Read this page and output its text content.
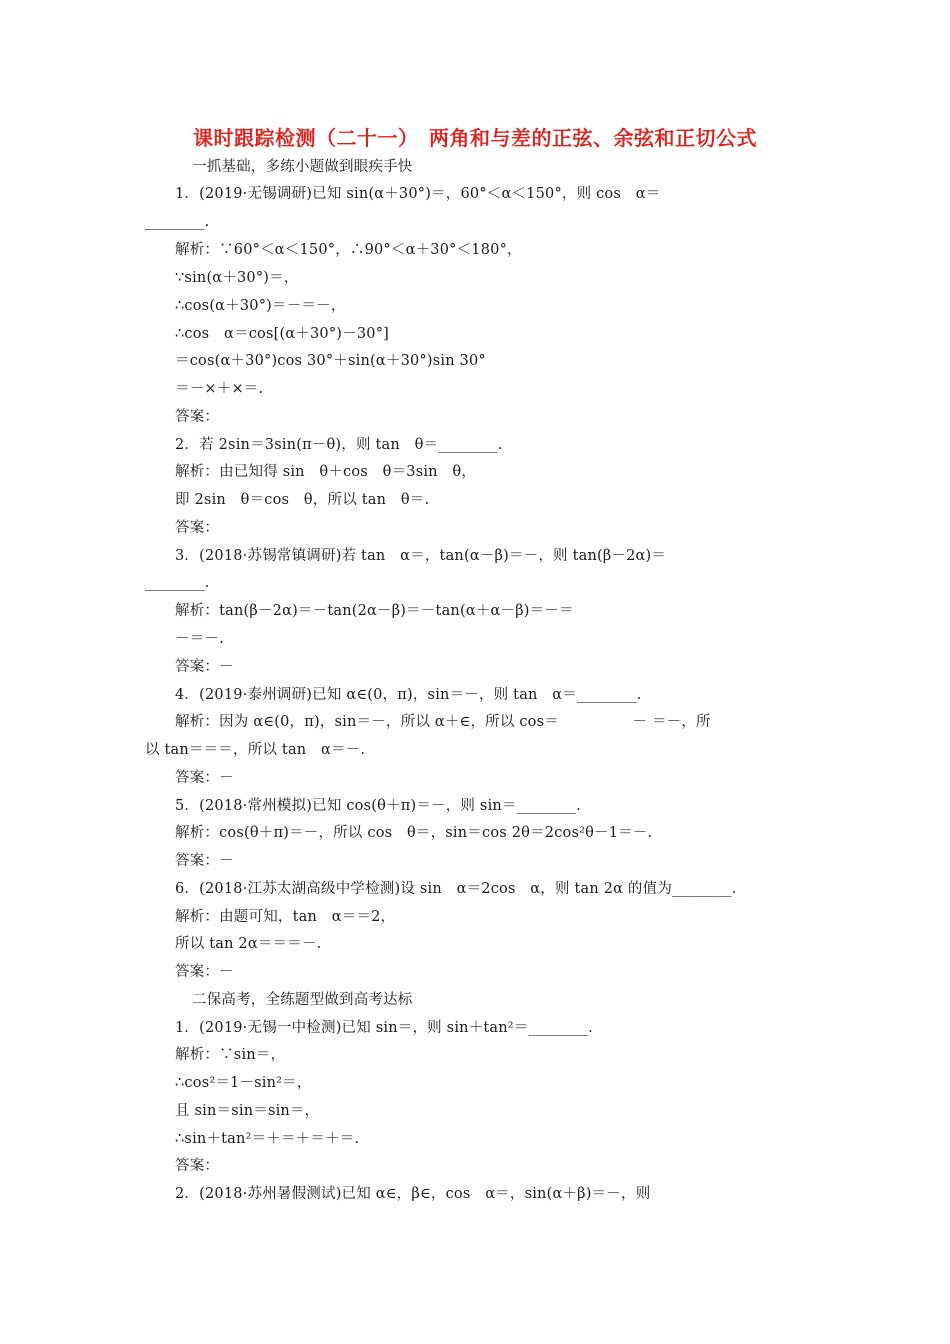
课时跟踪检测（二十一）　两角和与差的正弦、余弦和正切公式
一抓基础，多练小题做到眼疾手快
1．(2019·无锡调研)已知 sin(α＋30°)＝，60°＜α＜150°，则 cos　α＝
________.
解析：∵60°＜α＜150°，∴90°＜α＋30°＜180°，
∵sin(α＋30°)＝，
∴cos(α＋30°)＝－＝－，
∴cos　α＝cos[(α＋30°)－30°]
＝cos(α＋30°)cos 30°＋sin(α＋30°)sin 30°
＝－×＋×＝.
答案：
2．若 2sin＝3sin(π－θ)，则 tan　θ＝________.
解析：由已知得 sin　θ＋cos　θ＝3sin　θ，
即 2sin　θ＝cos　θ，所以 tan　θ＝.
答案：
3．(2018·苏锡常镇调研)若 tan　α＝，tan(α－β)＝－，则 tan(β－2α)＝
________.
解析：tan(β－2α)＝－tan(2α－β)＝－tan(α＋α－β)＝－＝
－＝－.
答案：－
4．(2019·泰州调研)已知 α∈(0，π)，sin＝－，则 tan　α＝________.
解析：因为 α∈(0，π)，sin＝－，所以 α＋∈，所以 cos＝　　　　　－ ＝－，所
以 tan＝＝＝，所以 tan　α＝－.
答案：－
5．(2018·常州模拟)已知 cos(θ＋π)＝－，则 sin＝________.
解析：cos(θ＋π)＝－，所以 cos　θ＝，sin＝cos 2θ＝2cos²θ－1＝－.
答案：－
6．(2018·江苏太湖高级中学检测)设 sin　α＝2cos　α，则 tan 2α 的值为________.
解析：由题可知，tan　α＝＝2，
所以 tan 2α＝＝＝－.
答案：－
二保高考，全练题型做到高考达标
1．(2019·无锡一中检测)已知 sin＝，则 sin＋tan²＝________.
解析：∵sin＝，
∴cos²＝1－sin²＝，
且 sin＝sin＝sin＝，
∴sin＋tan²＝＋＝＋＝＋＝.
答案：
2．(2018·苏州暑假测试)已知 α∈，β∈，cos　α＝，sin(α＋β)＝－，则
